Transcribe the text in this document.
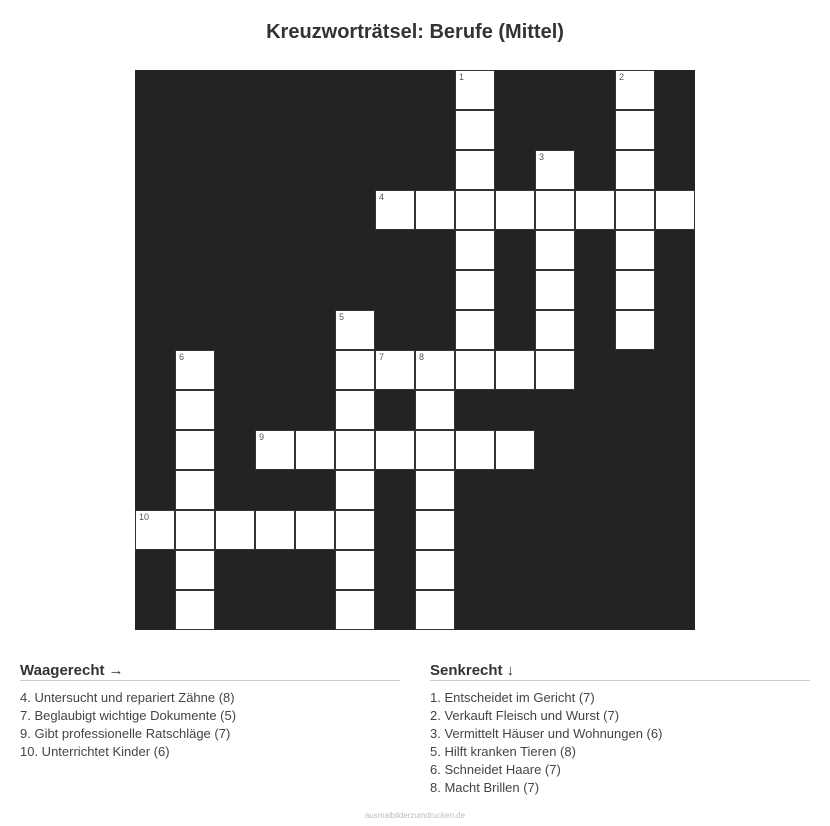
Kreuzworträtsel: Berufe (Mittel)
1	2
3
4
5
6	7	8
9
10
Waagerecht →
4. Untersucht und repariert Zähne (8)
7. Beglaubigt wichtige Dokumente (5)
9. Gibt professionelle Ratschläge (7)
10. Unterrichtet Kinder (6)
Senkrecht ↓
1. Entscheidet im Gericht (7)
2. Verkauft Fleisch und Wurst (7)
3. Vermittelt Häuser und Wohnungen (6)
5. Hilft kranken Tieren (8)
6. Schneidet Haare (7)
8. Macht Brillen (7)
ausmalbilderzumdrucken.de
